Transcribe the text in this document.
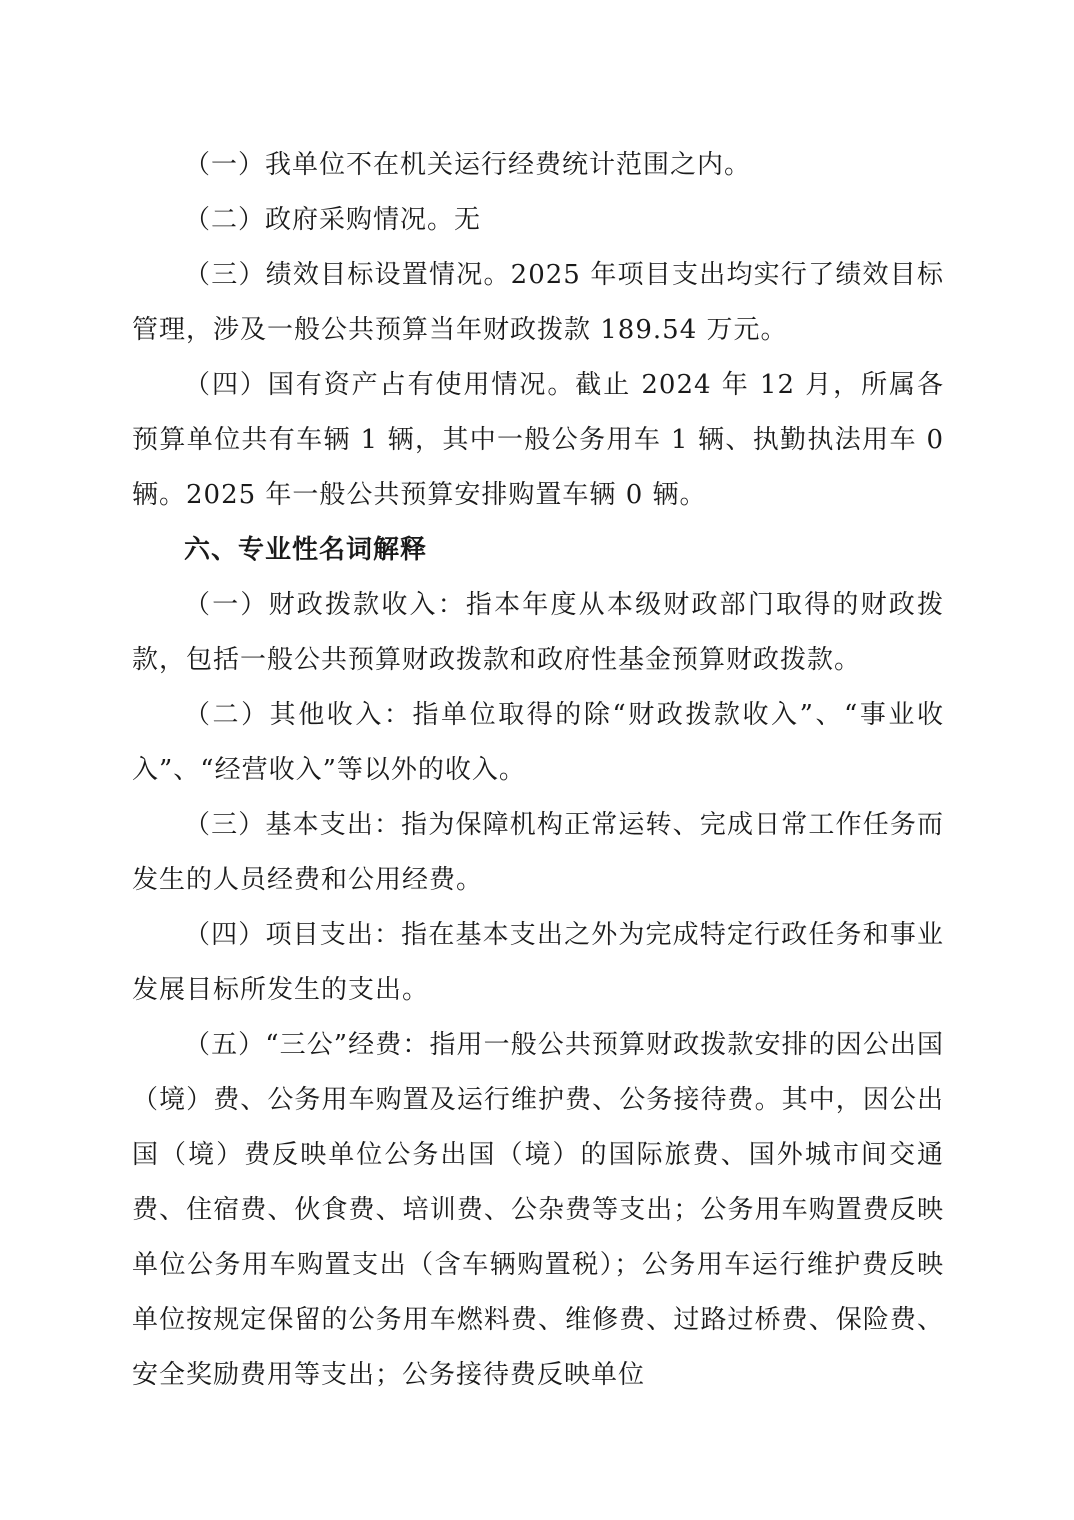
（一）我单位不在机关运行经费统计范围之内。

（二）政府采购情况。无

（三）绩效目标设置情况。2025 年项目支出均实行了绩效目标管理，涉及一般公共预算当年财政拨款 189.54 万元。

（四）国有资产占有使用情况。截止 2024 年 12 月，所属各预算单位共有车辆 1 辆，其中一般公务用车 1 辆、执勤执法用车 0 辆。2025 年一般公共预算安排购置车辆 0 辆。

六、专业性名词解释

（一）财政拨款收入：指本年度从本级财政部门取得的财政拨款，包括一般公共预算财政拨款和政府性基金预算财政拨款。

（二）其他收入：指单位取得的除“财政拨款收入”、“事业收入”、“经营收入”等以外的收入。

（三）基本支出：指为保障机构正常运转、完成日常工作任务而发生的人员经费和公用经费。

（四）项目支出：指在基本支出之外为完成特定行政任务和事业发展目标所发生的支出。

（五）“三公”经费：指用一般公共预算财政拨款安排的因公出国（境）费、公务用车购置及运行维护费、公务接待费。其中，因公出国（境）费反映单位公务出国（境）的国际旅费、国外城市间交通费、住宿费、伙食费、培训费、公杂费等支出；公务用车购置费反映单位公务用车购置支出（含车辆购置税）；公务用车运行维护费反映单位按规定保留的公务用车燃料费、维修费、过路过桥费、保险费、安全奖励费用等支出；公务接待费反映单位
